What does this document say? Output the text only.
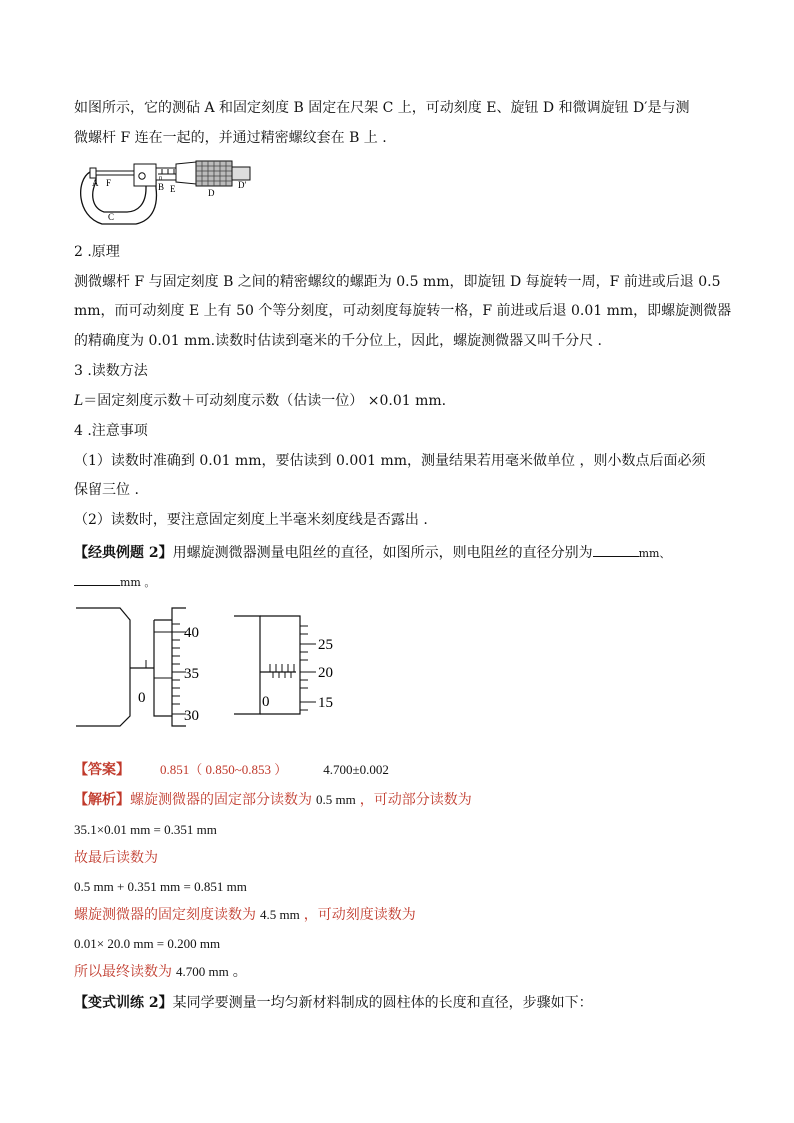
如图所示，它的测砧 A 和固定刻度 B 固定在尺架 C 上，可动刻度 E、旋钮 D 和微调旋钮 D′是与测
微螺杆 F 连在一起的，并通过精密螺纹套在 B 上 .
A F	B E	D
D′
C
0
2 .原理
测微螺杆 F 与固定刻度 B 之间的精密螺纹的螺距为 0.5 mm，即旋钮 D 每旋转一周，F 前进或后退 0.5
mm，而可动刻度 E 上有 50 个等分刻度，可动刻度每旋转一格，F 前进或后退 0.01 mm，即螺旋测微器
的精确度为 0.01 mm.读数时估读到毫米的千分位上，因此，螺旋测微器又叫千分尺 .
3 .读数方法
L＝固定刻度示数＋可动刻度示数（估读一位） ×0.01 mm.
4 .注意事项
（1）读数时准确到 0.01 mm，要估读到 0.001 mm，测量结果若用毫米做单位 ，则小数点后面必须
保留三位 .
（2）读数时，要注意固定刻度上半毫米刻度线是否露出 .
【经典例题 2】用螺旋测微器测量电阻丝的直径，如图所示，则电阻丝的直径分别为	mm、
mm 。
0
40
35
30
0
25
20
15
【答案】 0.851（ 0.850~0.853 ）	4.700±0.002
【解析】螺旋测微器的固定部分读数为 0.5 mm ，可动部分读数为
35.1×0.01 mm = 0.351 mm
故最后读数为
0.5 mm + 0.351 mm = 0.851 mm
螺旋测微器的固定刻度读数为 4.5 mm ，可动刻度读数为
0.01× 20.0 mm = 0.200 mm
所以最终读数为 4.700 mm 。
【变式训练 2】某同学要测量一均匀新材料制成的圆柱体的长度和直径，步骤如下：
